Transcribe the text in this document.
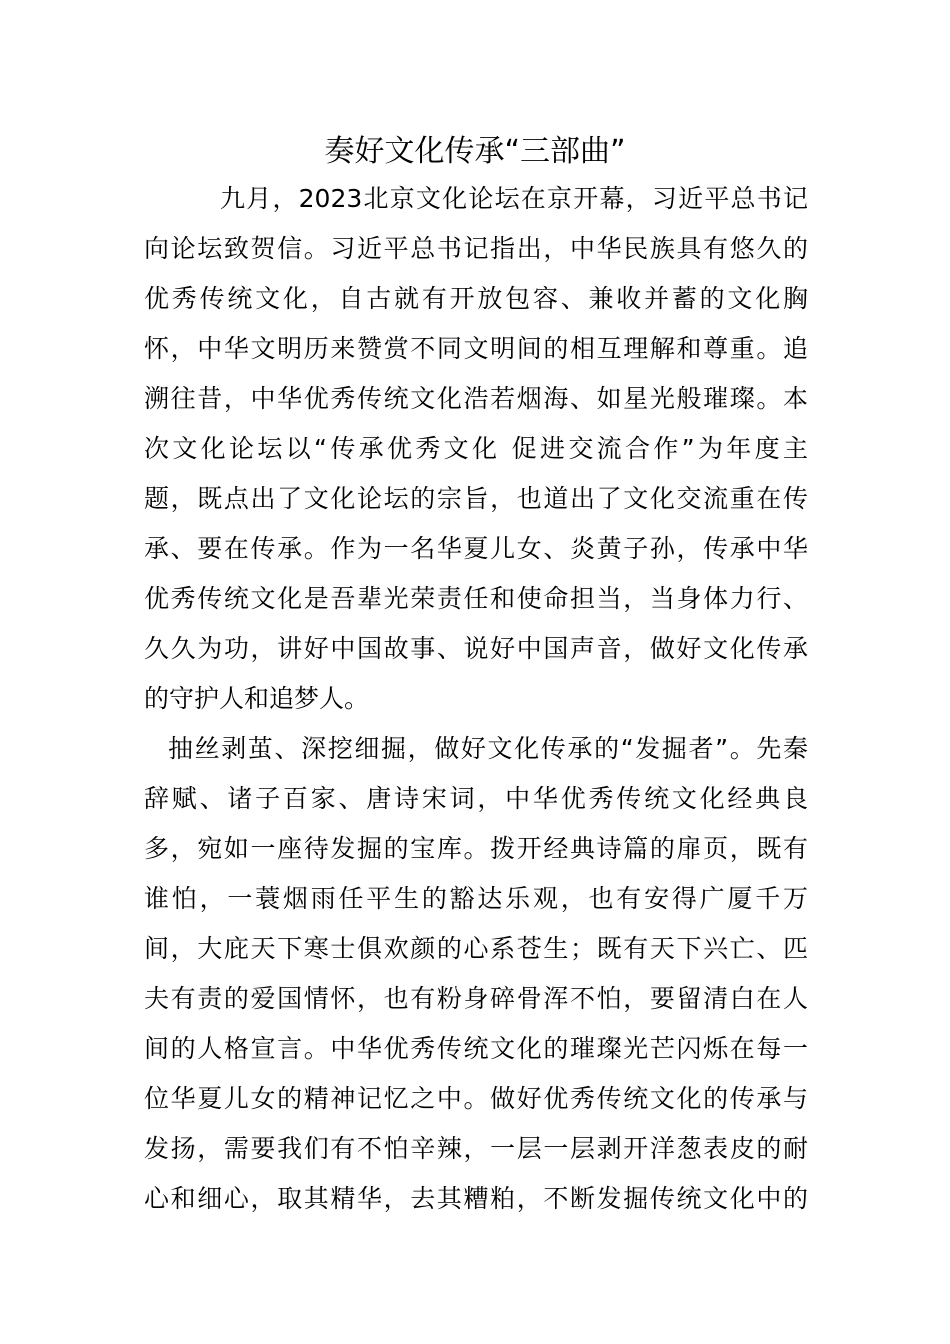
奏好文化传承“三部曲”
九月，2023北京文化论坛在京开幕，习近平总书记
向论坛致贺信。习近平总书记指出，中华民族具有悠久的
优秀传统文化，自古就有开放包容、兼收并蓄的文化胸
怀，中华文明历来赞赏不同文明间的相互理解和尊重。追
溯往昔，中华优秀传统文化浩若烟海、如星光般璀璨。本
次文化论坛以“传承优秀文化 促进交流合作”为年度主
题，既点出了文化论坛的宗旨，也道出了文化交流重在传
承、要在传承。作为一名华夏儿女、炎黄子孙，传承中华
优秀传统文化是吾辈光荣责任和使命担当，当身体力行、
久久为功，讲好中国故事、说好中国声音，做好文化传承
的守护人和追梦人。
抽丝剥茧、深挖细掘，做好文化传承的“发掘者”。先秦
辞赋、诸子百家、唐诗宋词，中华优秀传统文化经典良
多，宛如一座待发掘的宝库。拨开经典诗篇的扉页，既有
谁怕，一蓑烟雨任平生的豁达乐观，也有安得广厦千万
间，大庇天下寒士俱欢颜的心系苍生；既有天下兴亡、匹
夫有责的爱国情怀，也有粉身碎骨浑不怕，要留清白在人
间的人格宣言。中华优秀传统文化的璀璨光芒闪烁在每一
位华夏儿女的精神记忆之中。做好优秀传统文化的传承与
发扬，需要我们有不怕辛辣，一层一层剥开洋葱表皮的耐
心和细心，取其精华，去其糟粕，不断发掘传统文化中的
